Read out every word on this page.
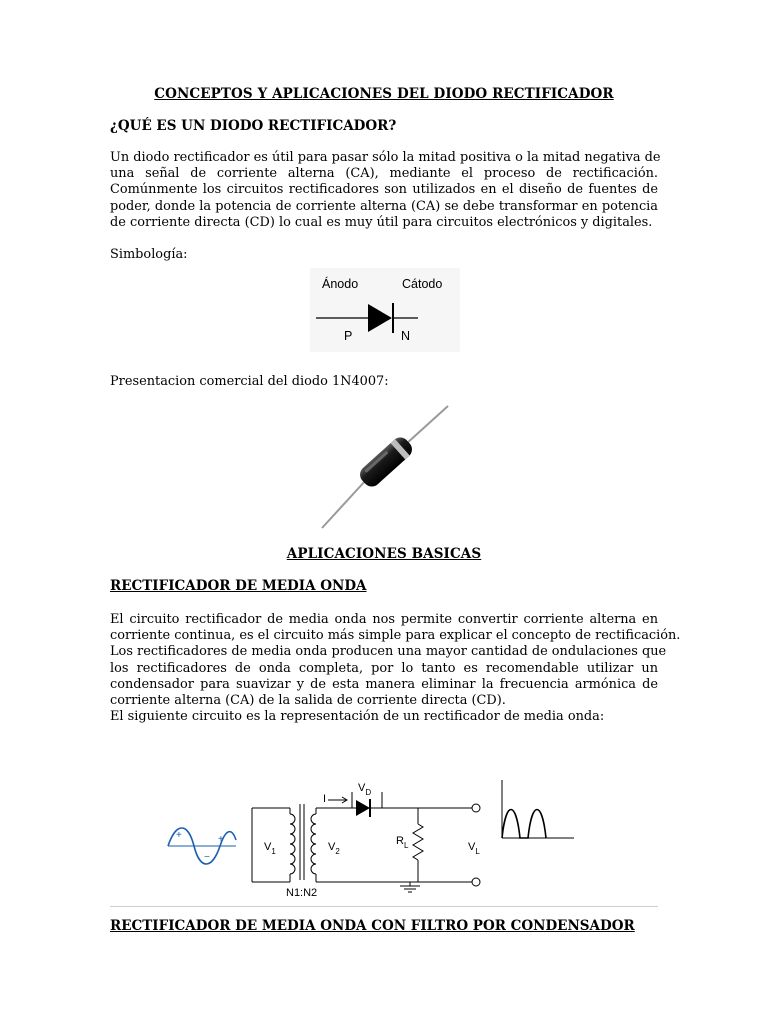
CONCEPTOS Y APLICACIONES DEL DIODO RECTIFICADOR
¿QUÉ ES UN DIODO RECTIFICADOR?
Un diodo rectificador es útil para pasar sólo la mitad positiva o la mitad negativa de
una señal de corriente alterna (CA), mediante el proceso de rectificación.
Comúnmente los circuitos rectificadores son utilizados en el diseño de fuentes de
poder, donde la potencia de corriente alterna (CA) se debe transformar en potencia
de corriente directa (CD) lo cual es muy útil para circuitos electrónicos y digitales.
Simbología:
Ánodo	Cátodo
P	N
Presentacion comercial del diodo 1N4007:
APLICACIONES BASICAS
RECTIFICADOR DE MEDIA ONDA
El circuito rectificador de media onda nos permite convertir corriente alterna en
corriente continua, es el circuito más simple para explicar el concepto de rectificación.
Los rectificadores de media onda producen una mayor cantidad de ondulaciones que
los rectificadores de onda completa, por lo tanto es recomendable utilizar un
condensador para suavizar y de esta manera eliminar la frecuencia armónica de
corriente alterna (CA) de la salida de corriente directa (CD).
El siguiente circuito es la representación de un rectificador de media onda:
+
−
+
$V_1$	$V_2$
$V_D$
I
$R_L$	$V_L$
N1:N2
RECTIFICADOR DE MEDIA ONDA CON FILTRO POR CONDENSADOR
